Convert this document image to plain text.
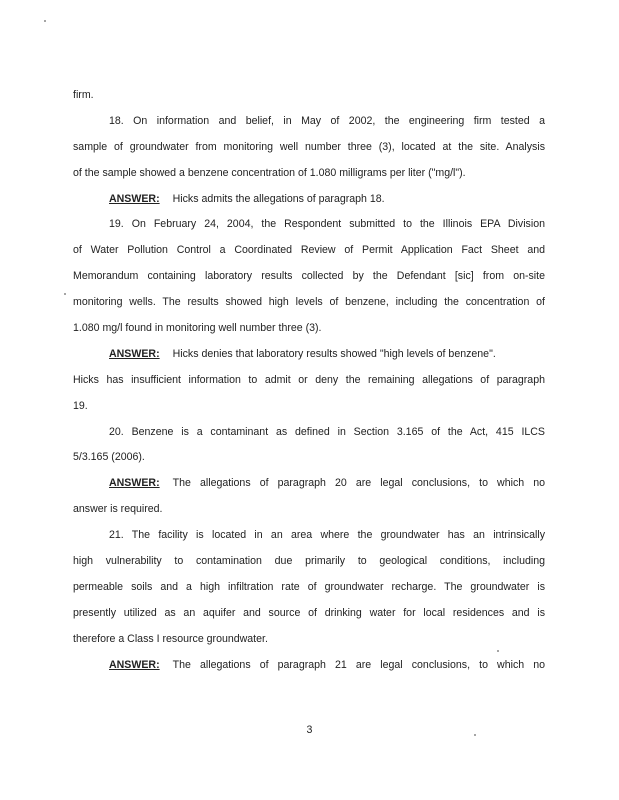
firm.
18. On information and belief, in May of 2002, the engineering firm tested a
sample of groundwater from monitoring well number three (3), located at the site. Analysis
of the sample showed a benzene concentration of 1.080 milligrams per liter ("mg/l").
ANSWER: Hicks admits the allegations of paragraph 18.
19. On February 24, 2004, the Respondent submitted to the Illinois EPA Division
of Water Pollution Control a Coordinated Review of Permit Application Fact Sheet and
Memorandum containing laboratory results collected by the Defendant [sic] from on-site
monitoring wells. The results showed high levels of benzene, including the concentration of
1.080 mg/l found in monitoring well number three (3).
ANSWER: Hicks denies that laboratory results showed "high levels of benzene".
Hicks has insufficient information to admit or deny the remaining allegations of paragraph
19.
20. Benzene is a contaminant as defined in Section 3.165 of the Act, 415 ILCS
5/3.165 (2006).
ANSWER: The allegations of paragraph 20 are legal conclusions, to which no
answer is required.
21. The facility is located in an area where the groundwater has an intrinsically
high vulnerability to contamination due primarily to geological conditions, including
permeable soils and a high infiltration rate of groundwater recharge. The groundwater is
presently utilized as an aquifer and source of drinking water for local residences and is
therefore a Class I resource groundwater.
ANSWER: The allegations of paragraph 21 are legal conclusions, to which no
3
